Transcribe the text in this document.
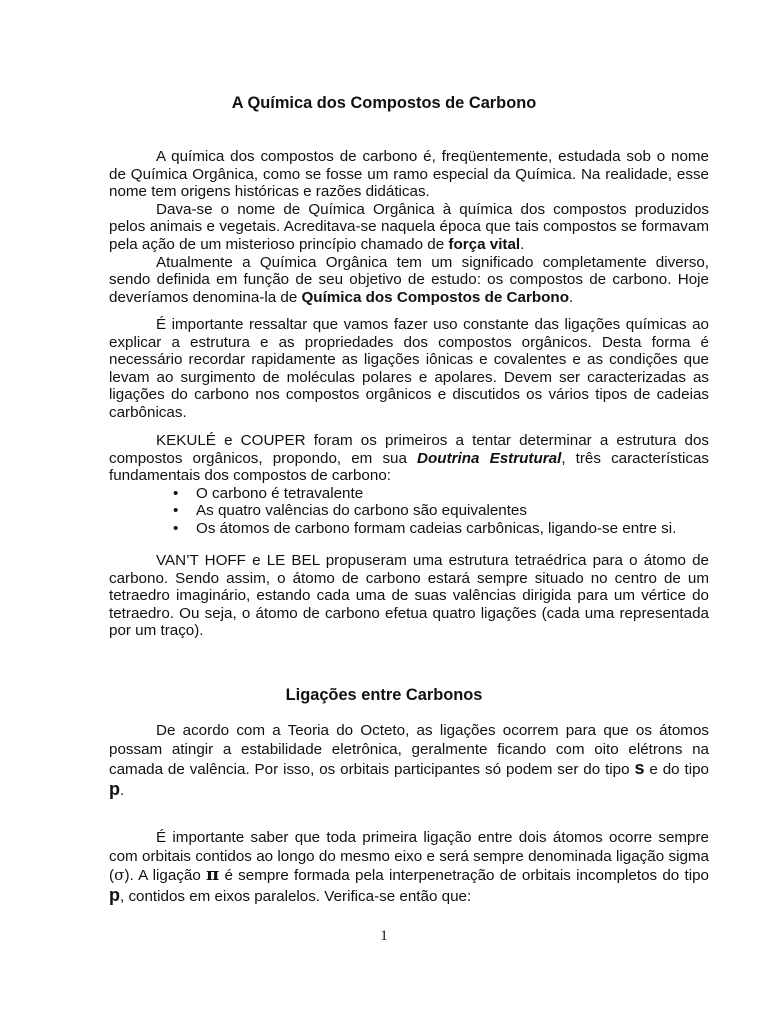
A Química dos Compostos de Carbono

A química dos compostos de carbono é, freqüentemente, estudada sob o nome de Química Orgânica, como se fosse um ramo especial da Química. Na realidade, esse nome tem origens históricas e razões didáticas.

Dava-se o nome de Química Orgânica à química dos compostos produzidos pelos animais e vegetais. Acreditava-se naquela época que tais compostos se formavam pela ação de um misterioso princípio chamado de força vital.

Atualmente a Química Orgânica tem um significado completamente diverso, sendo definida em função de seu objetivo de estudo: os compostos de carbono. Hoje deveríamos denomina-la de Química dos Compostos de Carbono.

É importante ressaltar que vamos fazer uso constante das ligações químicas ao explicar a estrutura e as propriedades dos compostos orgânicos. Desta forma é necessário recordar rapidamente as ligações iônicas e covalentes e as condições que levam ao surgimento de moléculas polares e apolares. Devem ser caracterizadas as ligações do carbono nos compostos orgânicos e discutidos os vários tipos de cadeias carbônicas.

KEKULÉ e COUPER foram os primeiros a tentar determinar a estrutura dos compostos orgânicos, propondo, em sua Doutrina Estrutural, três características fundamentais dos compostos de carbono:

• O carbono é tetravalente
• As quatro valências do carbono são equivalentes
• Os átomos de carbono formam cadeias carbônicas, ligando-se entre si.

VAN’T HOFF e LE BEL propuseram uma estrutura tetraédrica para o átomo de carbono. Sendo assim, o átomo de carbono estará sempre situado no centro de um tetraedro imaginário, estando cada uma de suas valências dirigida para um vértice do tetraedro. Ou seja, o átomo de carbono efetua quatro ligações (cada uma representada por um traço).

Ligações entre Carbonos

De acordo com a Teoria do Octeto, as ligações ocorrem para que os átomos possam atingir a estabilidade eletrônica, geralmente ficando com oito elétrons na camada de valência. Por isso, os orbitais participantes só podem ser do tipo s e do tipo p.

É importante saber que toda primeira ligação entre dois átomos ocorre sempre com orbitais contidos ao longo do mesmo eixo e será sempre denominada ligação sigma (σ). A ligação π é sempre formada pela interpenetração de orbitais incompletos do tipo p, contidos em eixos paralelos. Verifica-se então que:

1
